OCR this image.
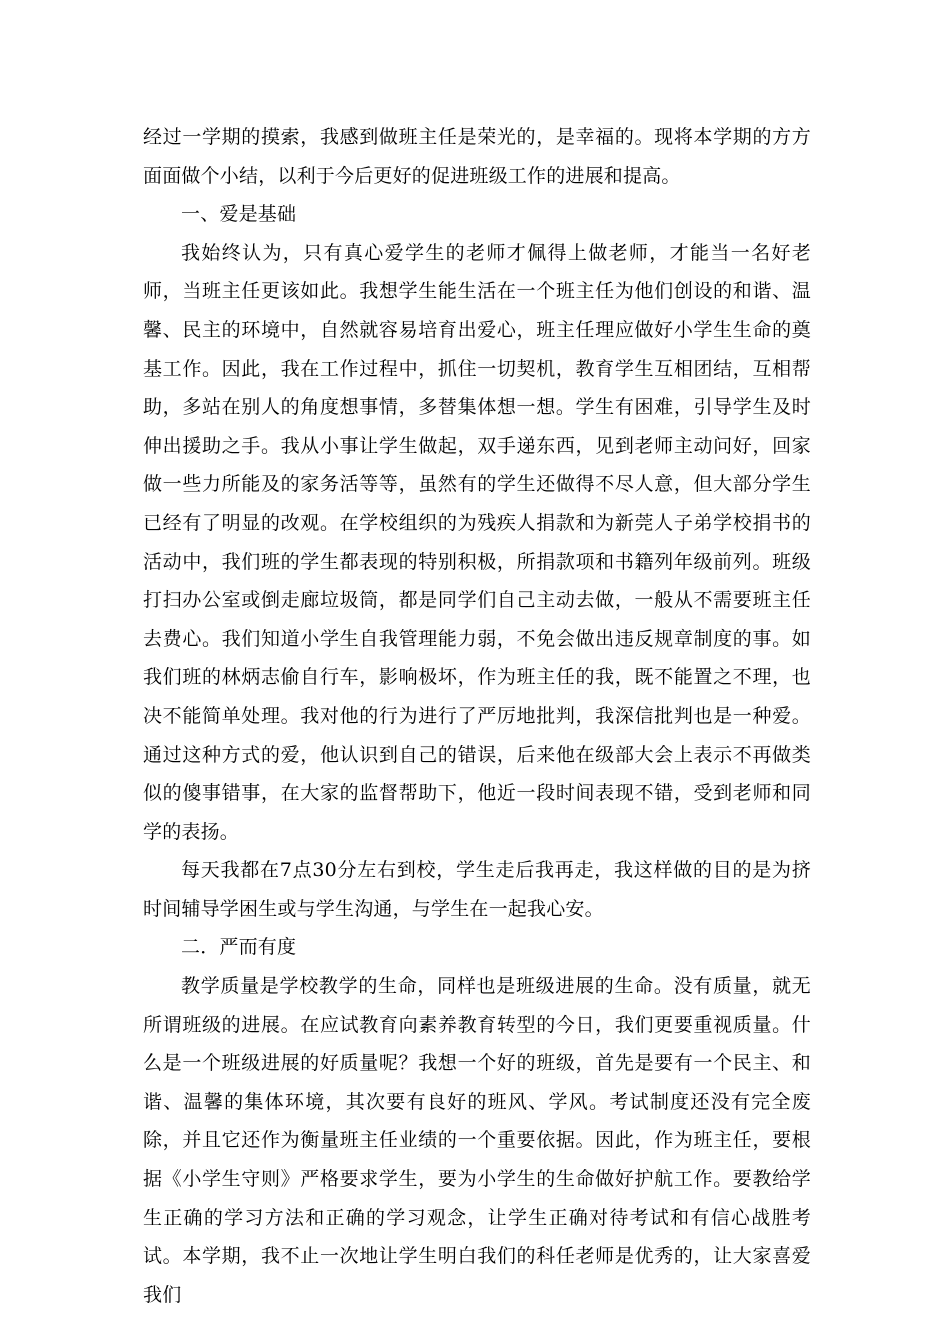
经过一学期的摸索，我感到做班主任是荣光的，是幸福的。现将本学期的方方面面做个小结，以利于今后更好的促进班级工作的进展和提高。

一、爱是基础

我始终认为，只有真心爱学生的老师才佩得上做老师，才能当一名好老师，当班主任更该如此。我想学生能生活在一个班主任为他们创设的和谐、温馨、民主的环境中，自然就容易培育出爱心，班主任理应做好小学生生命的奠基工作。因此，我在工作过程中，抓住一切契机，教育学生互相团结，互相帮助，多站在别人的角度想事情，多替集体想一想。学生有困难，引导学生及时伸出援助之手。我从小事让学生做起，双手递东西，见到老师主动问好，回家做一些力所能及的家务活等等，虽然有的学生还做得不尽人意，但大部分学生已经有了明显的改观。在学校组织的为残疾人捐款和为新莞人子弟学校捐书的活动中，我们班的学生都表现的特别积极，所捐款项和书籍列年级前列。班级打扫办公室或倒走廊垃圾筒，都是同学们自己主动去做，一般从不需要班主任去费心。我们知道小学生自我管理能力弱，不免会做出违反规章制度的事。如我们班的林炳志偷自行车，影响极坏，作为班主任的我，既不能置之不理，也决不能简单处理。我对他的行为进行了严厉地批判，我深信批判也是一种爱。通过这种方式的爱，他认识到自己的错误，后来他在级部大会上表示不再做类似的傻事错事，在大家的监督帮助下，他近一段时间表现不错，受到老师和同学的表扬。

每天我都在7点30分左右到校，学生走后我再走，我这样做的目的是为挤时间辅导学困生或与学生沟通，与学生在一起我心安。

二．严而有度

教学质量是学校教学的生命，同样也是班级进展的生命。没有质量，就无所谓班级的进展。在应试教育向素养教育转型的今日，我们更要重视质量。什么是一个班级进展的好质量呢？我想一个好的班级，首先是要有一个民主、和谐、温馨的集体环境，其次要有良好的班风、学风。考试制度还没有完全废除，并且它还作为衡量班主任业绩的一个重要依据。因此，作为班主任，要根据《小学生守则》严格要求学生，要为小学生的生命做好护航工作。要教给学生正确的学习方法和正确的学习观念，让学生正确对待考试和有信心战胜考试。本学期，我不止一次地让学生明白我们的科任老师是优秀的，让大家喜爱我们
